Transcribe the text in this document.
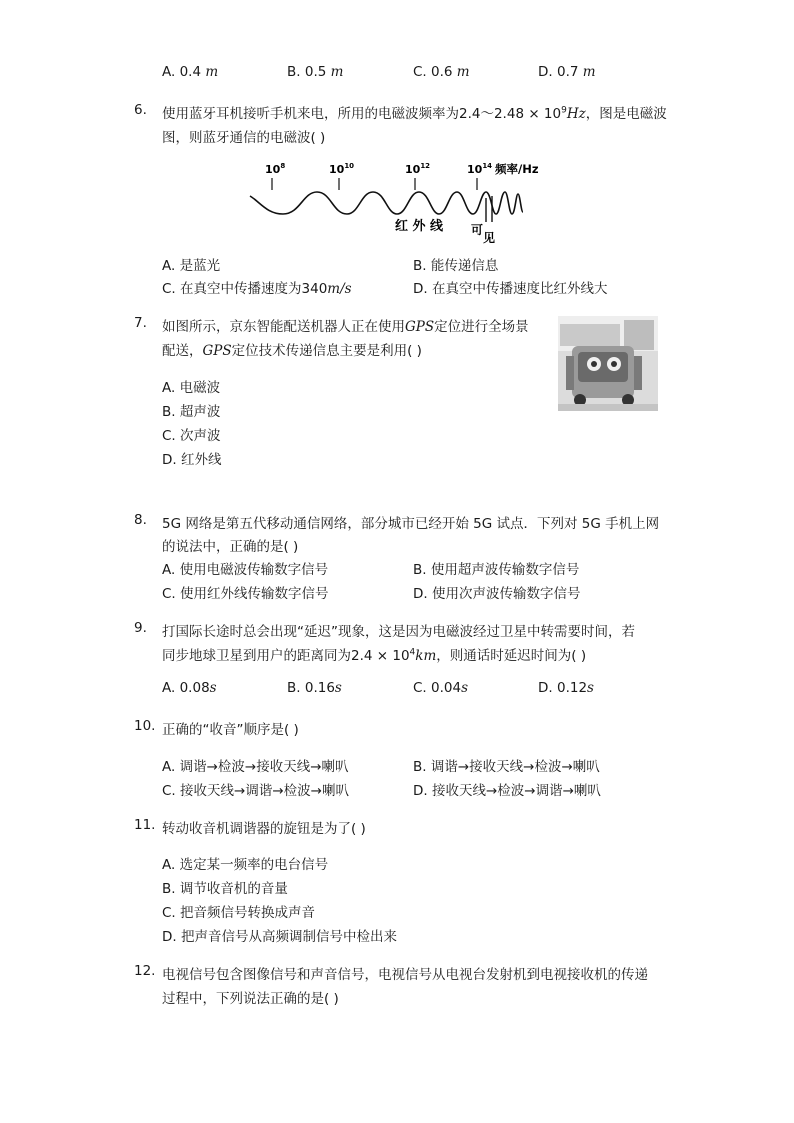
A. 0.4 m	B. 0.5 m	C. 0.6 m	D. 0.7 m
6. 使用蓝牙耳机接听手机来电，所用的电磁波频率为2.4～2.48 × $10^9Hz$，图是电磁波
图，则蓝牙通信的电磁波( )
$10^8$	$10^{10}$	$10^{12}$	$10^{14}$ 频率/Hz
红 外 线 可
见
A. 是蓝光	B. 能传递信息
C. 在真空中传播速度为340m/s	D. 在真空中传播速度比红外线大
7. 如图所示，京东智能配送机器人正在使用GPS定位进行全场景
配送，GPS定位技术传递信息主要是利用( )
A. 电磁波
B. 超声波
C. 次声波
D. 红外线
8. 5G 网络是第五代移动通信网络，部分城市已经开始 5G 试点．下列对 5G 手机上网
的说法中，正确的是( )
A. 使用电磁波传输数字信号	B. 使用超声波传输数字信号
C. 使用红外线传输数字信号	D. 使用次声波传输数字信号
9. 打国际长途时总会出现“延迟”现象，这是因为电磁波经过卫星中转需要时间，若
同步地球卫星到用户的距离同为$2.4 \times 10^4km$，则通话时延迟时间为( )
A. 0.08s	B. 0.16s	C. 0.04s	D. 0.12s
10. 正确的“收音”顺序是( )
A. 调谐→检波→接收天线→喇叭	B. 调谐→接收天线→检波→喇叭
C. 接收天线→调谐→检波→喇叭	D. 接收天线→检波→调谐→喇叭
11. 转动收音机调谐器的旋钮是为了( )
A. 选定某一频率的电台信号
B. 调节收音机的音量
C. 把音频信号转换成声音
D. 把声音信号从高频调制信号中检出来
12. 电视信号包含图像信号和声音信号，电视信号从电视台发射机到电视接收机的传递
过程中，下列说法正确的是( )
